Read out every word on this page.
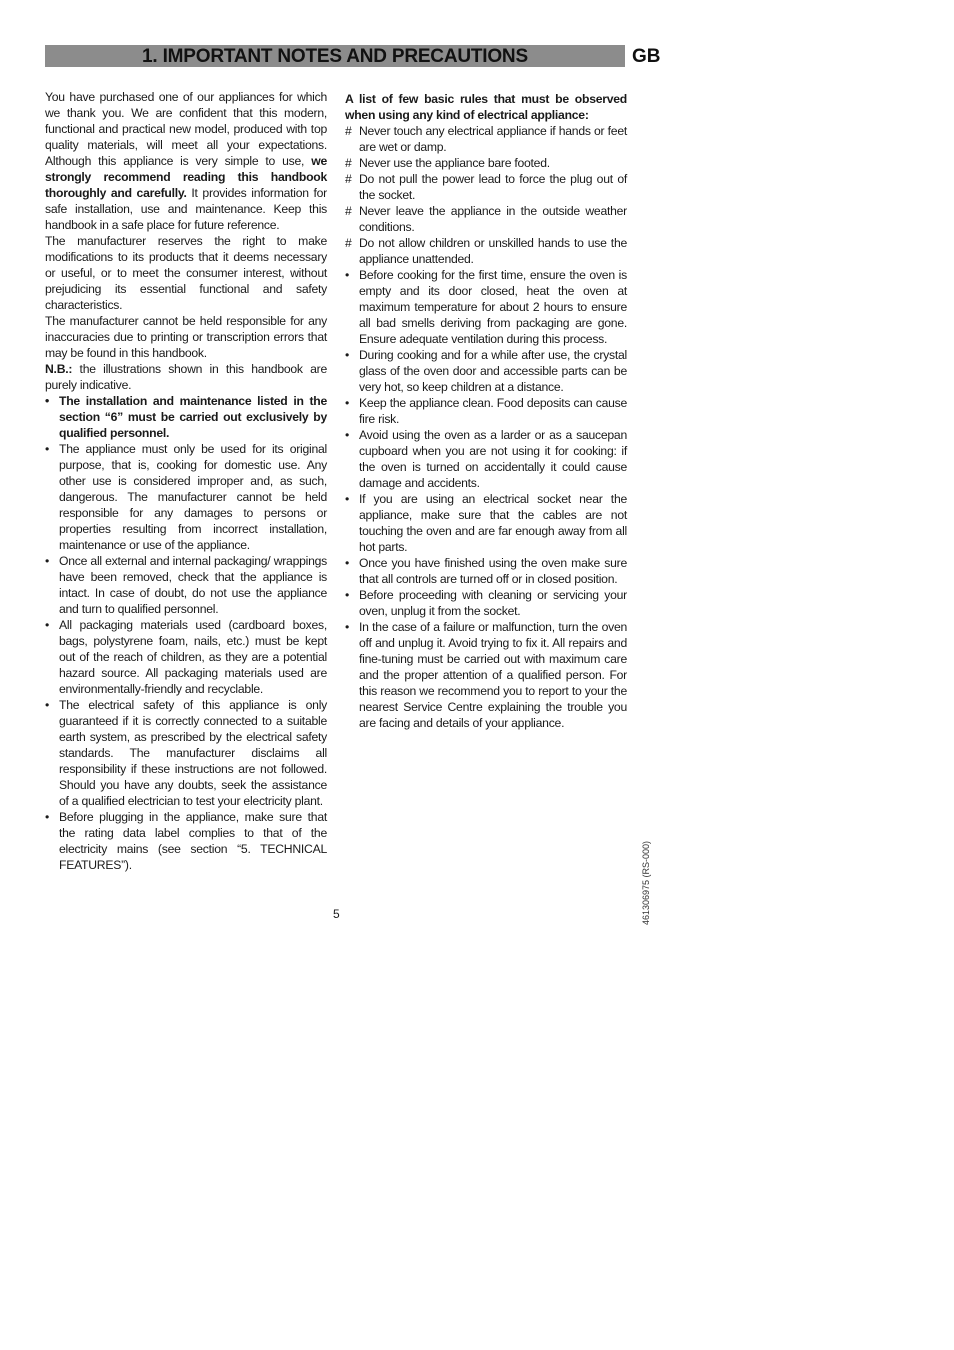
1. IMPORTANT NOTES AND PRECAUTIONS	GB

You have purchased one of our appliances for which we thank you. We are confident that this modern, functional and practical new model, produced with top quality materials, will meet all your expectations. Although this appliance is very simple to use, we strongly recommend reading this handbook thoroughly and carefully. It provides information for safe installation, use and maintenance. Keep this handbook in a safe place for future reference.

The manufacturer reserves the right to make modifications to its products that it deems necessary or useful, or to meet the consumer interest, without prejudicing its essential functional and safety characteristics.

The manufacturer cannot be held responsible for any inaccuracies due to printing or transcription errors that may be found in this handbook.

N.B.: the illustrations shown in this handbook are purely indicative.

• The installation and maintenance listed in the section “6” must be carried out exclusively by qualified personnel.
• The appliance must only be used for its original purpose, that is, cooking for domestic use. Any other use is considered improper and, as such, dangerous. The manufacturer cannot be held responsible for any damages to persons or properties resulting from incorrect installation, maintenance or use of the appliance.
• Once all external and internal packaging/ wrappings have been removed, check that the appliance is intact. In case of doubt, do not use the appliance and turn to qualified personnel.
• All packaging materials used (cardboard boxes, bags, polystyrene foam, nails, etc.) must be kept out of the reach of children, as they are a potential hazard source. All packaging materials used are environmentally-friendly and recyclable.
• The electrical safety of this appliance is only guaranteed if it is correctly connected to a suitable earth system, as prescribed by the electrical safety standards. The manufacturer disclaims all responsibility if these instructions are not followed. Should you have any doubts, seek the assistance of a qualified electrician to test your electricity plant.
• Before plugging in the appliance, make sure that the rating data label complies to that of the electricity mains (see section “5. TECHNICAL FEATURES”).

A list of few basic rules that must be observed when using any kind of electrical appliance:

# Never touch any electrical appliance if hands or feet are wet or damp.
# Never use the appliance bare footed.
# Do not pull the power lead to force the plug out of the socket.
# Never leave the appliance in the outside weather conditions.
# Do not allow children or unskilled hands to use the appliance unattended.
• Before cooking for the first time, ensure the oven is empty and its door closed, heat the oven at maximum temperature for about 2 hours to ensure all bad smells deriving from packaging are gone. Ensure adequate ventilation during this process.
• During cooking and for a while after use, the crystal glass of the oven door and accessible parts can be very hot, so keep children at a distance.
• Keep the appliance clean. Food deposits can cause fire risk.
• Avoid using the oven as a larder or as a saucepan cupboard when you are not using it for cooking: if the oven is turned on accidentally it could cause damage and accidents.
• If you are using an electrical socket near the appliance, make sure that the cables are not touching the oven and are far enough away from all hot parts.
• Once you have finished using the oven make sure that all controls are turned off or in closed position.
• Before proceeding with cleaning or servicing your oven, unplug it from the socket.
• In the case of a failure or malfunction, turn the oven off and unplug it. Avoid trying to fix it. All repairs and fine-tuning must be carried out with maximum care and the proper attention of a qualified person. For this reason we recommend you to report to your the nearest Service Centre explaining the trouble you are facing and details of your appliance.
5	461306975 (RS-000)
